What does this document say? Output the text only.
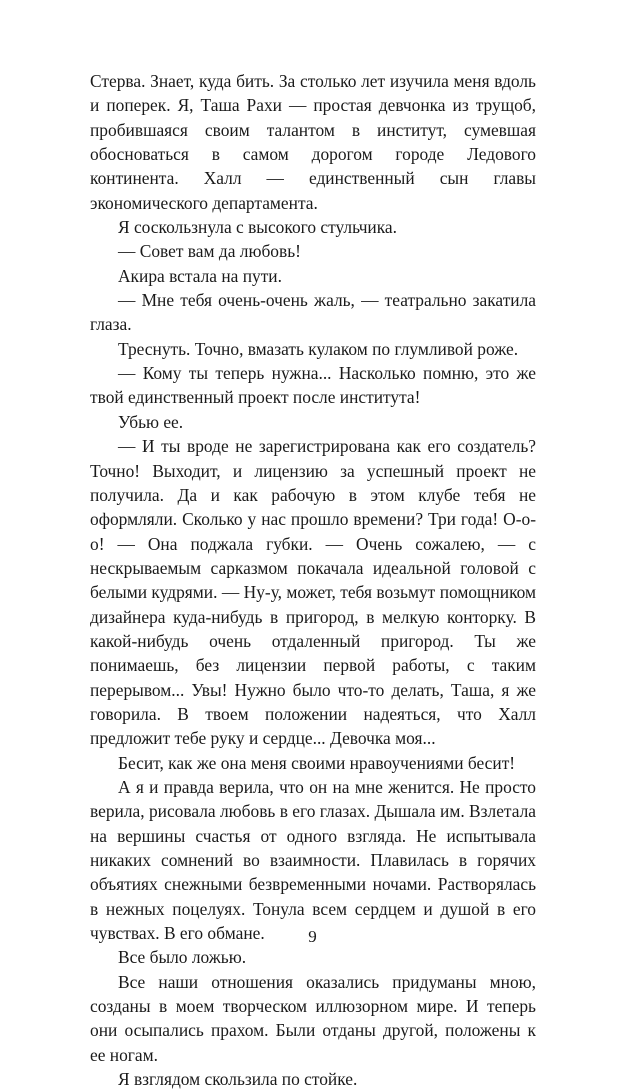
Стерва. Знает, куда бить. За столько лет изучила меня вдоль и поперек. Я, Таша Рахи — простая девчонка из трущоб, пробившаяся своим талантом в институт, сумевшая обосноваться в самом дорогом городе Ледового континента. Халл — единственный сын главы экономического департамента.

Я соскользнула с высокого стульчика.

— Совет вам да любовь!

Акира встала на пути.

— Мне тебя очень-очень жаль, — театрально закатила глаза.

Треснуть. Точно, вмазать кулаком по глумливой роже.

— Кому ты теперь нужна... Насколько помню, это же твой единственный проект после института!

Убью ее.

— И ты вроде не зарегистрирована как его создатель? Точно! Выходит, и лицензию за успешный проект не получила. Да и как рабочую в этом клубе тебя не оформляли. Сколько у нас прошло времени? Три года! О-о-о! — Она поджала губки. — Очень сожалею, — с нескрываемым сарказмом покачала идеальной головой с белыми кудрями. — Ну-у, может, тебя возьмут помощником дизайнера куда-нибудь в пригород, в мелкую конторку. В какой-нибудь очень отдаленный пригород. Ты же понимаешь, без лицензии первой работы, с таким перерывом... Увы! Нужно было что-то делать, Таша, я же говорила. В твоем положении надеяться, что Халл предложит тебе руку и сердце... Девочка моя...

Бесит, как же она меня своими нравоучениями бесит!

А я и правда верила, что он на мне женится. Не просто верила, рисовала любовь в его глазах. Дышала им. Взлетала на вершины счастья от одного взгляда. Не испытывала никаких сомнений во взаимности. Плавилась в горячих объятиях снежными безвременными ночами. Растворялась в нежных поцелуях. Тонула всем сердцем и душой в его чувствах. В его обмане.

Все было ложью.

Все наши отношения оказались придуманы мною, созданы в моем творческом иллюзорном мире. И теперь они осыпались прахом. Были отданы другой, положены к ее ногам.

Я взглядом скользила по стойке.

9
